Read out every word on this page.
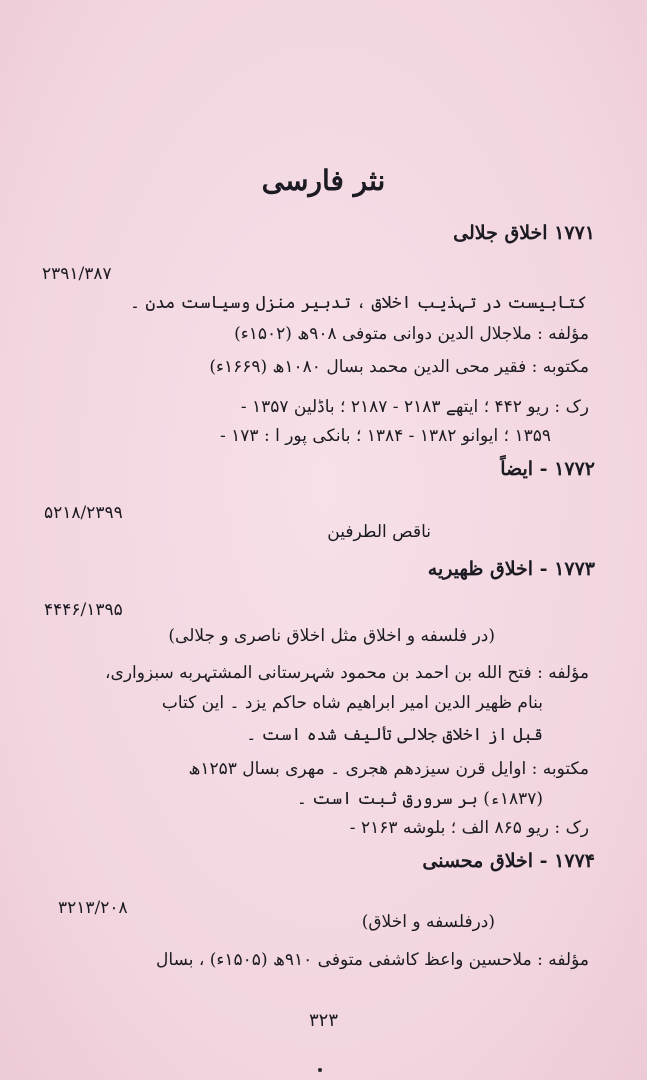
نثر فارسی
۱۷۷۱ اخلاق جلالی
۲۳۹۱/۳۸۷
کتابیست در تہذیب اخلاق ، تدبیر منزل وسیاست مدن ۔
مؤلفه : ملاجلال الدین دوانی متوفی ۹۰۸ھ (۱۵۰۲ء)
مکتوبه : فقیر محی الدین محمد بسال ۱۰۸۰ھ (۱۶۶۹ء)
رک : ریو ۴۴۲ ؛ ایتھے ۲۱۸۳ - ۲۱۸۷ ؛ باڈلین ۱۳۵۷ -
۱۳۵۹ ؛ ایوانو ۱۳۸۲ - ۱۳۸۴ ؛ بانکی پور ا : ۱۷۳ -
۱۷۷۲ - ایضاً
۵۲۱۸/۲۳۹۹
ناقص الطرفین
۱۷۷۳ - اخلاق ظهیریه
۴۴۴۶/۱۳۹۵
(در فلسفه و اخلاق مثل اخلاق ناصری و جلالی)
مؤلفه : فتح الله بن احمد بن محمود شہرستانی المشتہربه سبزواری،
بنام ظهیر الدین امیر ابراهیم شاه حاکم یزد ۔ این کتاب
قبل از اخلاق جلالی تألیف شده است ۔
مکتوبه : اوایل قرن سیزدهم هجری ۔ مهری بسال ۱۲۵۳ھ
(۱۸۳۷ء) بر سرورق ثبت است ۔
رک : ریو ۸۶۵ الف ؛ بلوشه ۲۱۶۳ -
۱۷۷۴ - اخلاق محسنی
۳۲۱۳/۲۰۸
(درفلسفه و اخلاق)
مؤلفه : ملاحسین واعظ کاشفی متوفی ۹۱۰ھ (۱۵۰۵ء) ، بسال
۳۲۳
